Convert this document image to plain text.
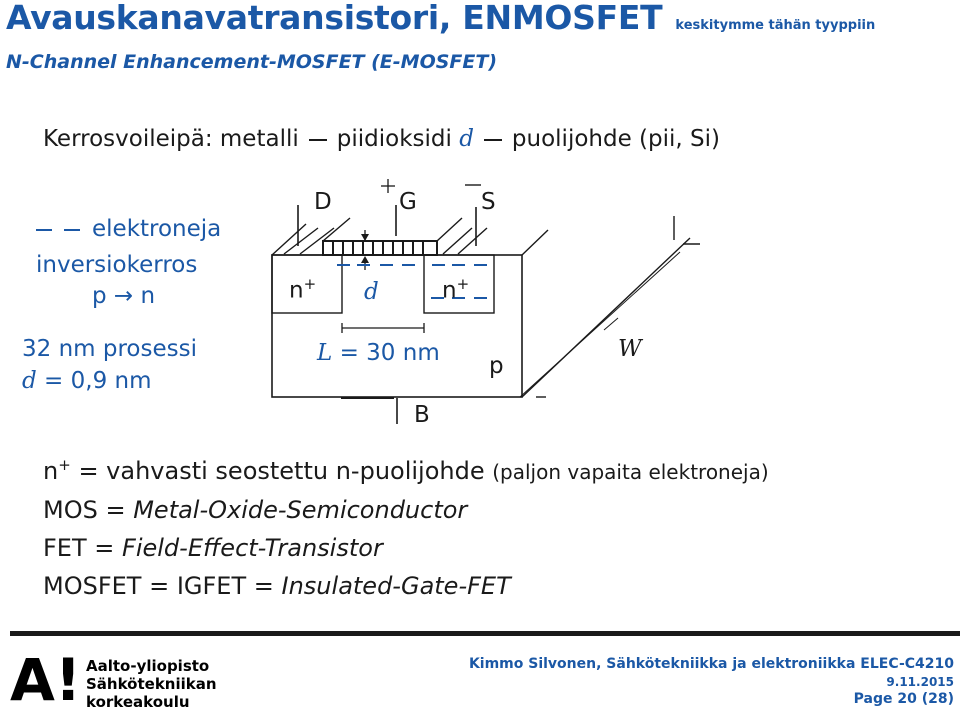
Avauskanavatransistori, ENMOSFET keskitymme tähän tyyppiin
N-Channel Enhancement-MOSFET (E-MOSFET)
Kerrosvoileipä: metalli piidioksidi d puolijohde (pii, Si)
elektroneja
inversiokerros
p → n
32 nm prosessi
d = 0,9 nm
D	G	S
n+	n+
d
L = 30 nm p
B
W
n+ = vahvasti seostettu n-puolijohde (paljon vapaita elektroneja)
MOS = Metal-Oxide-Semiconductor
FET = Field-Effect-Transistor
MOSFET = IGFET = Insulated-Gate-FET
A! Aalto-yliopisto
Sähkötekniikan
korkeakoulu
Kimmo Silvonen, Sähkötekniikka ja elektroniikka ELEC-C4210
9.11.2015
Page 20 (28)
